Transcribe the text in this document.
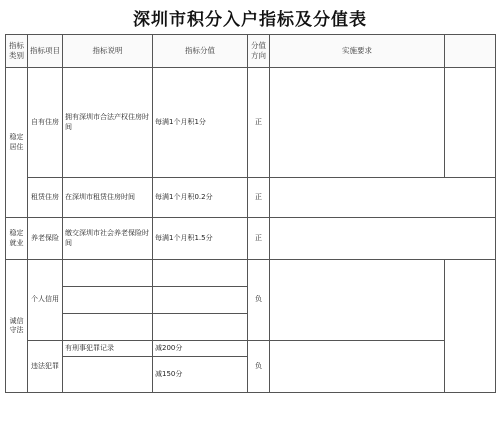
深圳市积分入户指标及分值表
指标类别	指标项目	指标说明	指标分值	分值方向	实施要求	
稳定居住	自有住房	拥有深圳市合法产权住房时间	每满1个月积1分	正		
	租赁住房	在深圳市租赁住房时间	每满1个月积0.2分	正		
稳定就业	养老保险	缴交深圳市社会养老保险时间	每满1个月积1.5分	正		
诚信守法	个人信用			负		

	违法犯罪	有刑事犯罪记录	减200分	负		
			减150分			
